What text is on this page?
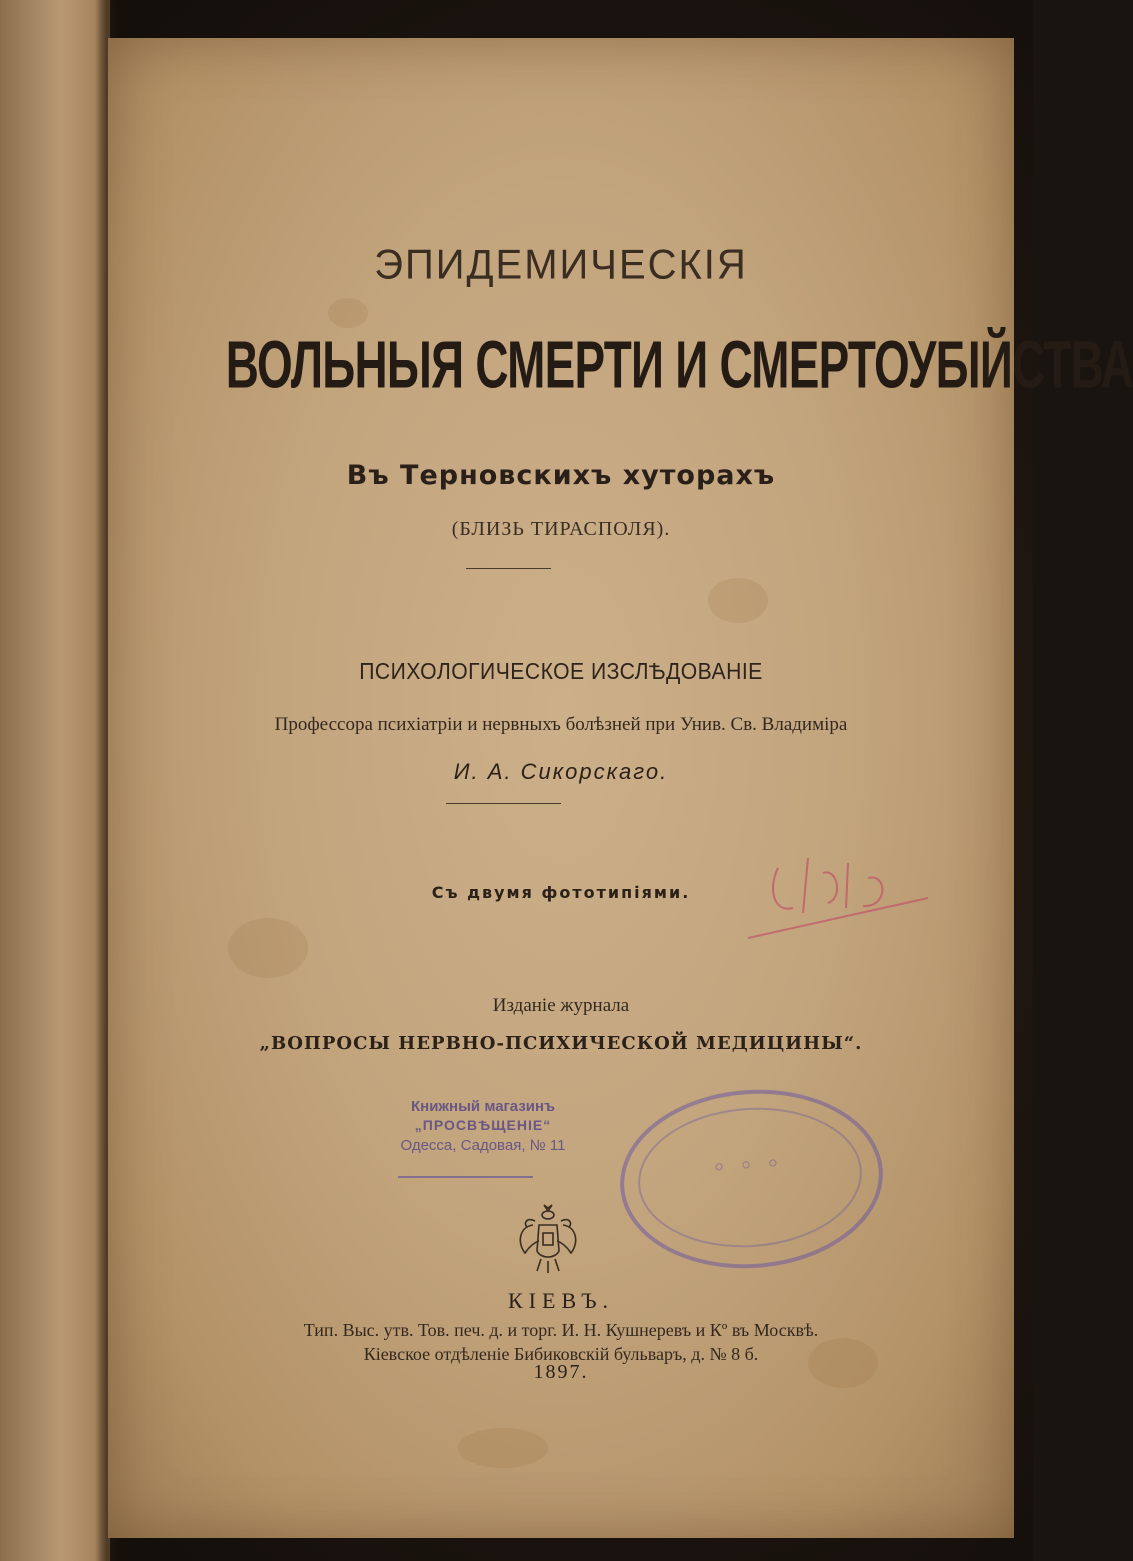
ЭПИДЕМИЧЕСКІЯ
ВОЛЬНЫЯ СМЕРТИ И СМЕРТОУБІЙСТВА
Въ Терновскихъ хуторахъ
(БЛИЗЬ ТИРАСПОЛЯ).
ПСИХОЛОГИЧЕСКОЕ ИЗСЛѢДОВАНІЕ
Профессора психіатріи и нервныхъ болѣзней при Унив. Св. Владиміра
И. А. Сикорскаго.
Съ двумя фототипіями.
Изданіе журнала
„ВОПРОСЫ НЕРВНО-ПСИХИЧЕСКОЙ МЕДИЦИНЫ“.
Книжный магазинъ
„ПРОСВѢЩЕНІЕ“
Одесса, Садовая, № 11
◦ ◦ ◦
КІЕВЪ.
Тип. Выс. утв. Тов. печ. д. и торг. И. Н. Кушнеревъ и Кº въ Москвѣ.
Кіевское отдѣленіе Бибиковскій бульваръ, д. № 8 б.
1897.
